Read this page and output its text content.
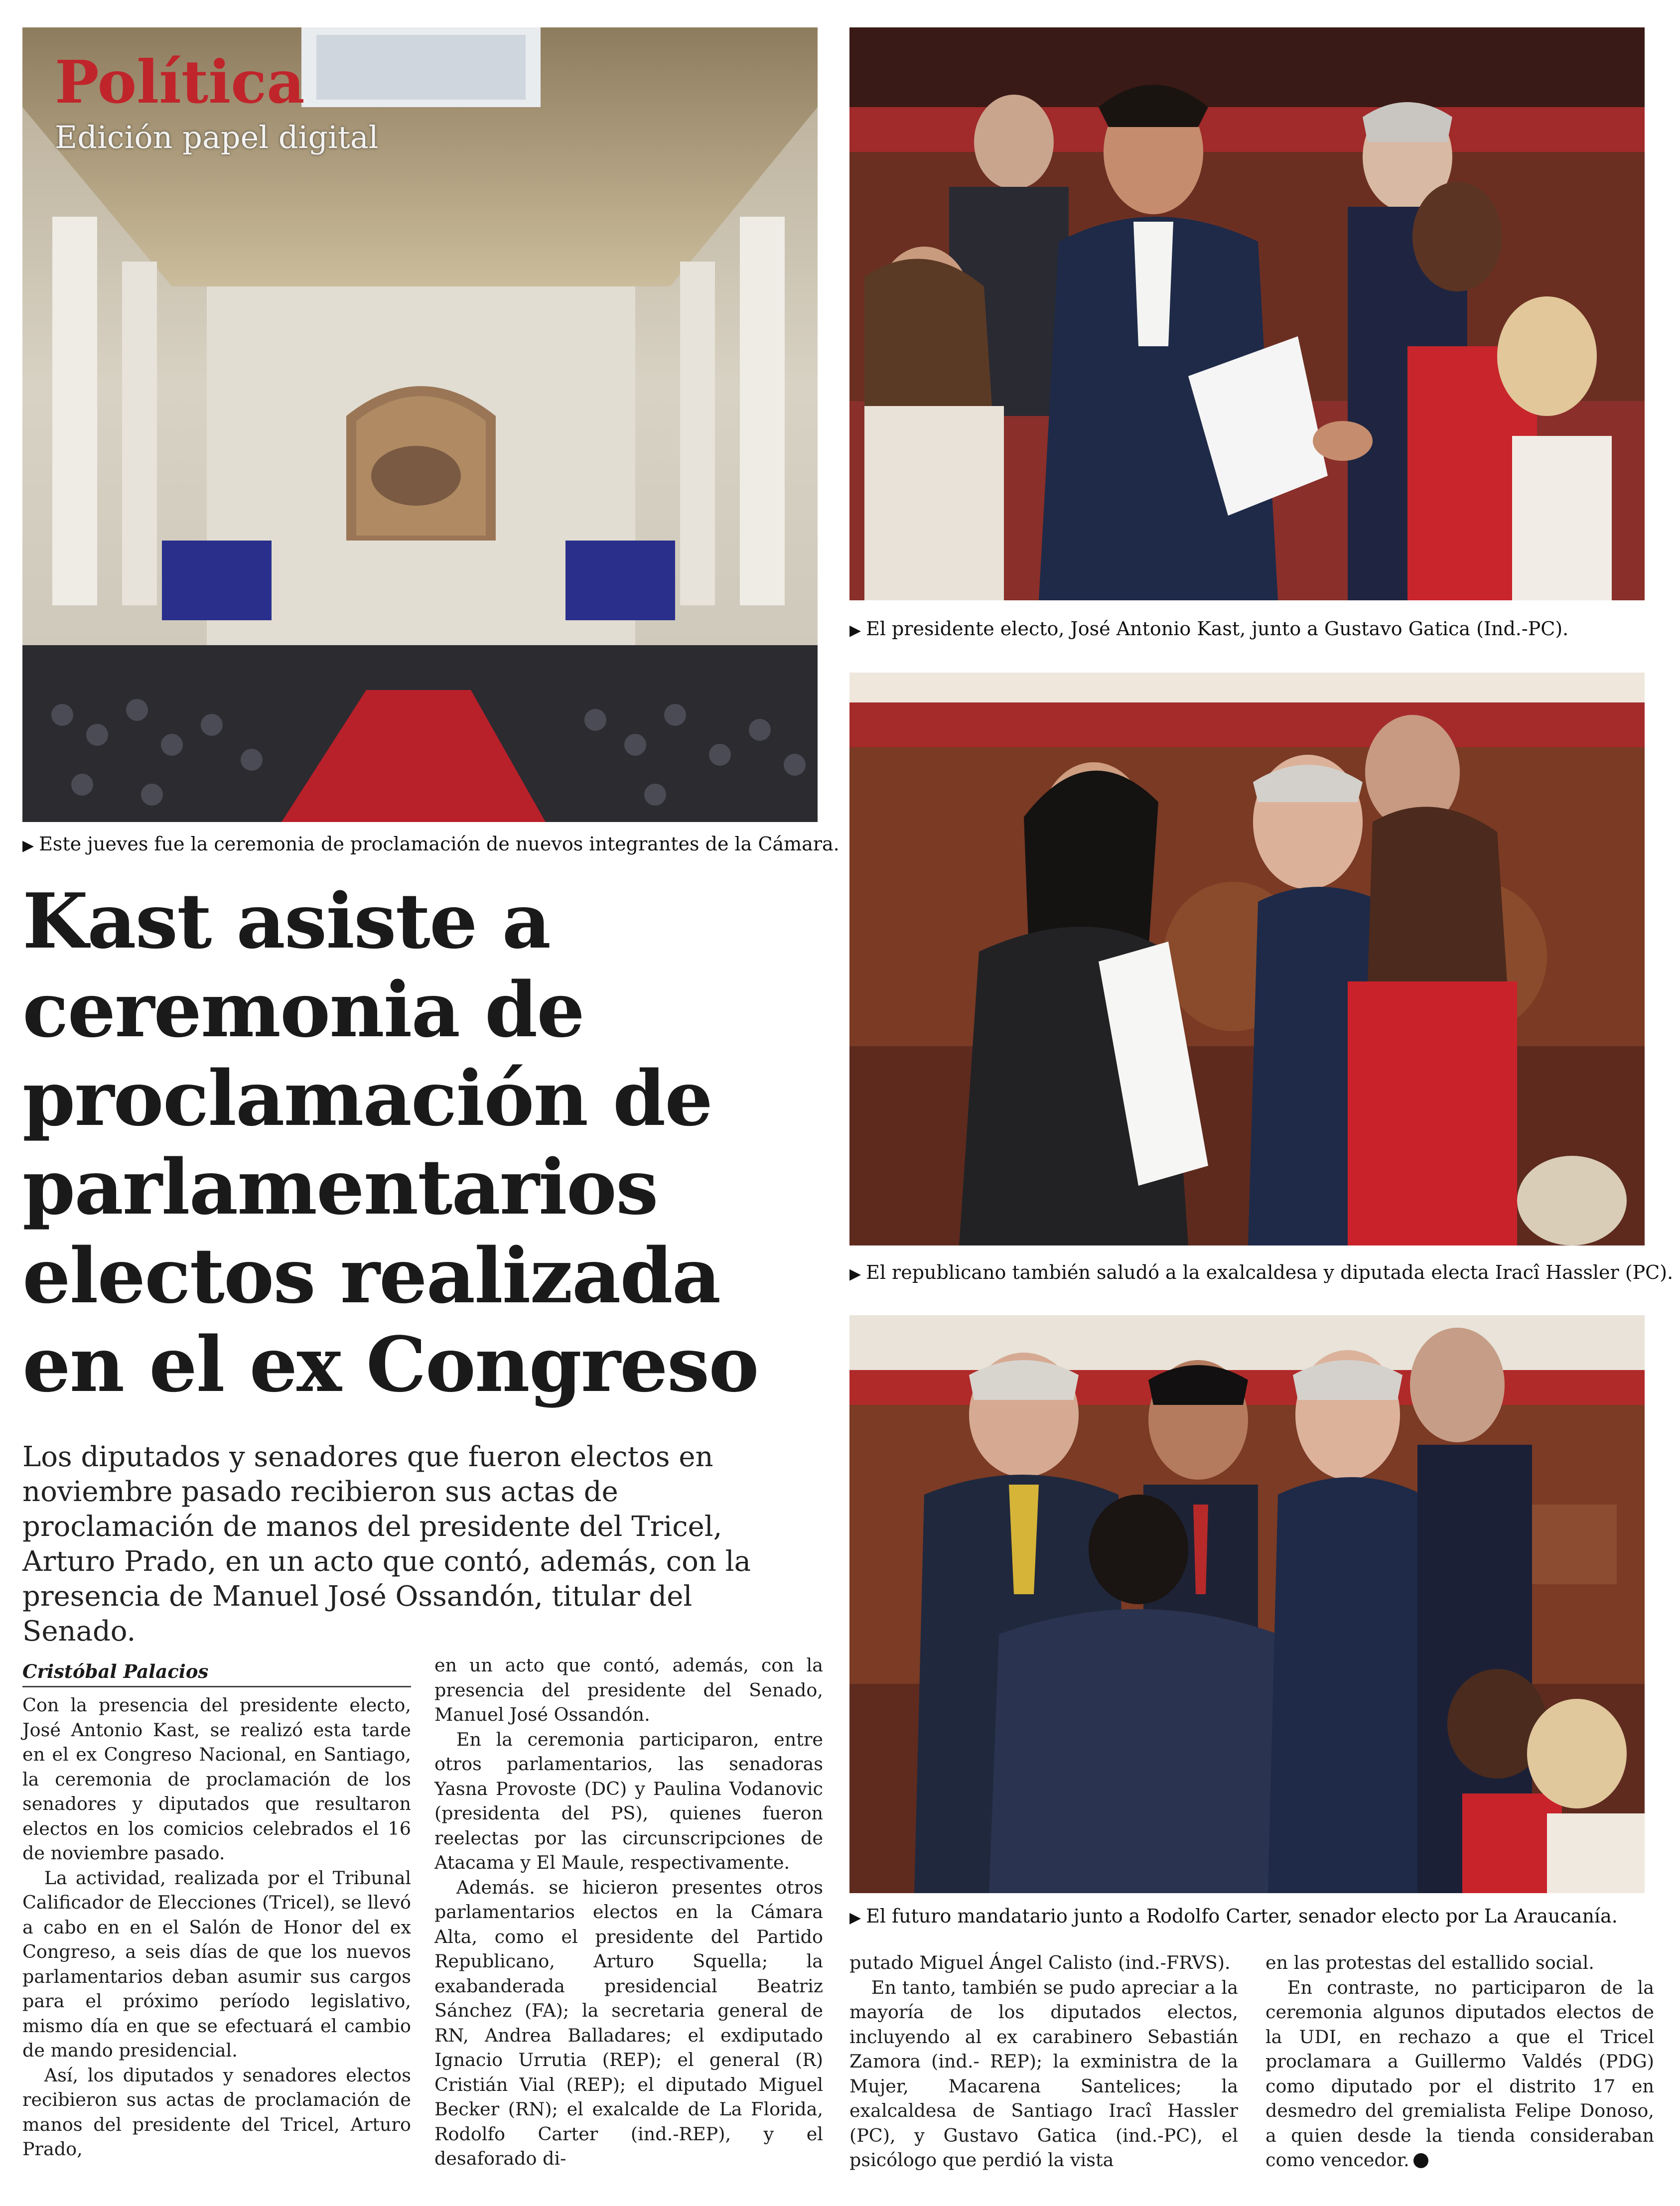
Política
Edición papel digital
▶ Este jueves fue la ceremonia de proclamación de nuevos integrantes de la Cámara.
▶ El presidente electo, José Antonio Kast, junto a Gustavo Gatica (Ind.-PC).
▶ El republicano también saludó a la exalcaldesa y diputada electa Iracî Hassler (PC).
▶ El futuro mandatario junto a Rodolfo Carter, senador electo por La Araucanía.
Kast asiste a ceremonia de proclamación de parlamentarios electos realizada en el ex Congreso

Los diputados y senadores que fueron electos en noviembre pasado recibieron sus actas de proclamación de manos del presidente del Tricel, Arturo Prado, en un acto que contó, además, con la presencia de Manuel José Ossandón, titular del Senado.

Cristóbal Palacios

Con la presencia del presidente electo, José Antonio Kast, se realizó esta tarde en el ex Congreso Nacional, en Santiago, la ceremonia de proclamación de los senadores y diputados que resultaron electos en los comicios celebrados el 16 de noviembre pasado.

La actividad, realizada por el Tribunal Calificador de Elecciones (Tricel), se llevó a cabo en en el Salón de Honor del ex Congreso, a seis días de que los nuevos parlamentarios deban asumir sus cargos para el próximo período legislativo, mismo día en que se efectuará el cambio de mando presidencial.

Así, los diputados y senadores electos recibieron sus actas de proclamación de manos del presidente del Tricel, Arturo Prado,

en un acto que contó, además, con la presencia del presidente del Senado, Manuel José Ossandón.

En la ceremonia participaron, entre otros parlamentarios, las senadoras Yasna Provoste (DC) y Paulina Vodanovic (presidenta del PS), quienes fueron reelectas por las circunscripciones de Atacama y El Maule, respectivamente.

Además. se hicieron presentes otros parlamentarios electos en la Cámara Alta, como el presidente del Partido Republicano, Arturo Squella; la exabanderada presidencial Beatriz Sánchez (FA); la secretaria general de RN, Andrea Balladares; el exdiputado Ignacio Urrutia (REP); el general (R) Cristián Vial (REP); el diputado Miguel Becker (RN); el exalcalde de La Florida, Rodolfo Carter (ind.-REP), y el desaforado di-

putado Miguel Ángel Calisto (ind.-FRVS).

En tanto, también se pudo apreciar a la mayoría de los diputados electos, incluyendo al ex carabinero Sebastián Zamora (ind.- REP); la exministra de la Mujer, Macarena Santelices; la exalcaldesa de Santiago Iracî Hassler (PC), y Gustavo Gatica (ind.-PC), el psicólogo que perdió la vista

en las protestas del estallido social.

En contraste, no participaron de la ceremonia algunos diputados electos de la UDI, en rechazo a que el Tricel proclamara a Guillermo Valdés (PDG) como diputado por el distrito 17 en desmedro del gremialista Felipe Donoso, a quien desde la tienda consideraban como vencedor.
